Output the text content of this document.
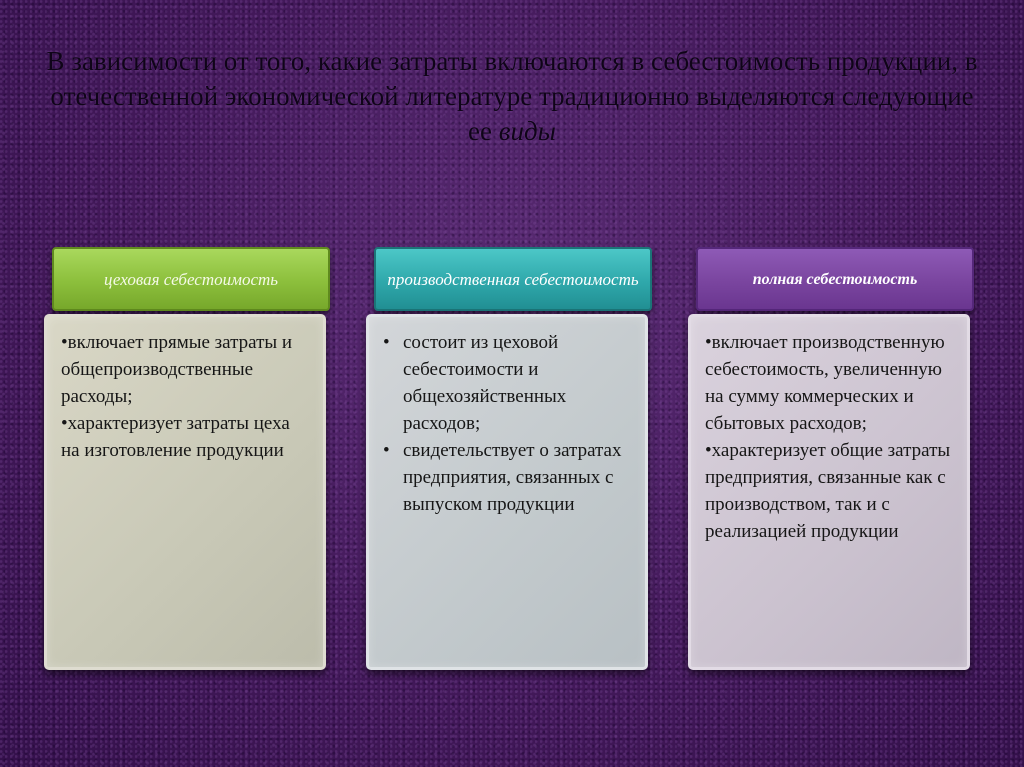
В зависимости от того, какие затраты включаются в себестоимость продукции, в отечественной экономической литературе традиционно выделяются следующие ее виды
цеховая себестоимость
• включает прямые затраты и общепроизводственные расходы;
• характеризует затраты цеха на изготовление продукции
производственная себестоимость
• состоит из цеховой себестоимости и общехозяйственных расходов;
• свидетельствует о затратах предприятия, связанных с выпуском продукции
полная себестоимость
• включает производственную себестоимость, увеличенную на сумму коммерческих и сбытовых расходов;
• характеризует общие затраты предприятия, связанные как с производством, так и с реализацией продукции
